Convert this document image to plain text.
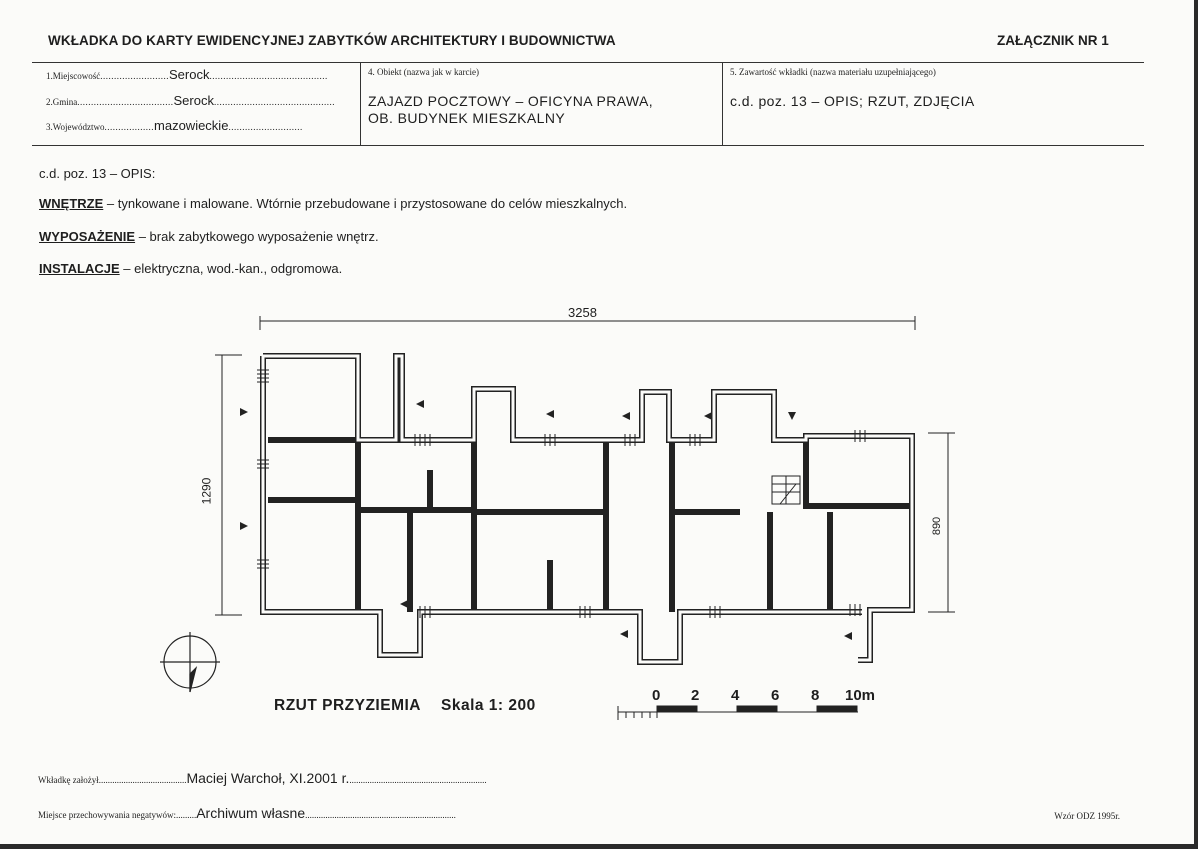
WKŁADKA DO KARTY EWIDENCYJNEJ ZABYTKÓW ARCHITEKTURY I BUDOWNICTWA	ZAŁĄCZNIK NR 1
1.Miejscowość.........................Serock...........................................
2.Gmina...................................Serock............................................
3.Województwo..................mazowieckie...........................
4. Obiekt (nazwa jak w karcie)
ZAJAZD POCZTOWY – OFICYNA PRAWA,
OB. BUDYNEK MIESZKALNY
5. Zawartość wkładki (nazwa materiału uzupełniającego)
c.d. poz. 13 – OPIS; RZUT, ZDJĘCIA
c.d. poz. 13 – OPIS:
WNĘTRZE – tynkowane i malowane. Wtórnie przebudowane i przystosowane do celów mieszkalnych.
WYPOSAŻENIE – brak zabytkowego wyposażenie wnętrz.
INSTALACJE – elektryczna, wod.-kan., odgromowa.
3258
1290
890
RZUT PRZYZIEMIA Skala 1: 200
0 2 4 6 8 10m
Wkładkę założył.......................................Maciej Warchoł, XI.2001 r..............................................................
Miejsce przechowywania negatywów:.........Archiwum własne...................................................................	Wzór ODZ 1995r.
